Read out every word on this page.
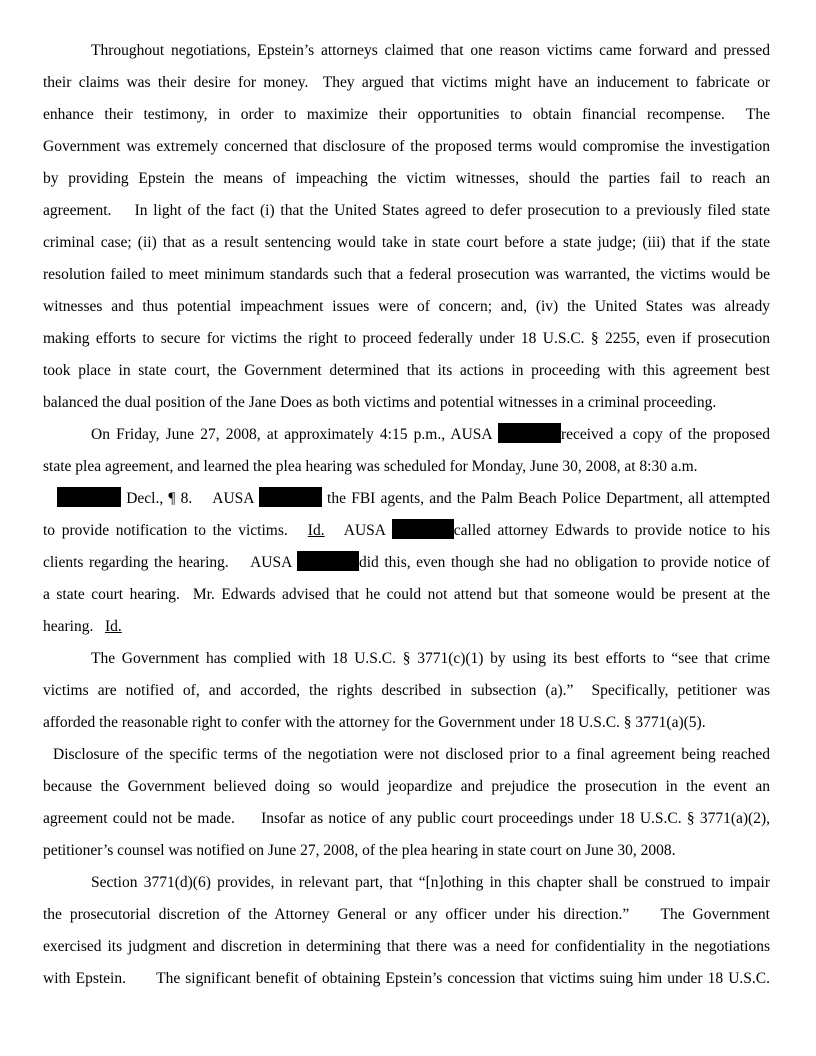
Throughout negotiations, Epstein’s attorneys claimed that one reason victims came forward and pressed
their claims was their desire for money.  They argued that victims might have an inducement to fabricate or
enhance their testimony, in order to maximize their opportunities to obtain financial recompense.  The
Government was extremely concerned that disclosure of the proposed terms would compromise the investigation
by providing Epstein the means of impeaching the victim witnesses, should the parties fail to reach an
agreement.    In light of the fact (i) that the United States agreed to defer prosecution to a previously filed state
criminal case; (ii) that as a result sentencing would take in state court before a state judge; (iii) that if the state
resolution failed to meet minimum standards such that a federal prosecution was warranted, the victims would be
witnesses and thus potential impeachment issues were of concern; and, (iv) the United States was already
making efforts to secure for victims the right to proceed federally under 18 U.S.C. § 2255, even if prosecution
took place in state court, the Government determined that its actions in proceeding with this agreement best
balanced the dual position of the Jane Does as both victims and potential witnesses in a criminal proceeding.
On Friday, June 27, 2008, at approximately 4:15 p.m., AUSA	received a copy of the proposed
state plea agreement, and learned the plea hearing was scheduled for Monday, June 30, 2008, at 8:30 a.m.
Decl., ¶ 8.    AUSA	the FBI agents, and the Palm Beach Police Department, all attempted
to provide notification to the victims.   Id.   AUSA	called attorney Edwards to provide notice to his
clients regarding the hearing.    AUSA	did this, even though she had no obligation to provide notice of
a state court hearing.  Mr. Edwards advised that he could not attend but that someone would be present at the
hearing.   Id.
The Government has complied with 18 U.S.C. § 3771(c)(1) by using its best efforts to “see that crime
victims are notified of, and accorded, the rights described in subsection (a).”  Specifically, petitioner was
afforded the reasonable right to confer with the attorney for the Government under 18 U.S.C. § 3771(a)(5).
Disclosure of the specific terms of the negotiation were not disclosed prior to a final agreement being reached
because the Government believed doing so would jeopardize and prejudice the prosecution in the event an
agreement could not be made.     Insofar as notice of any public court proceedings under 18 U.S.C. § 3771(a)(2),
petitioner’s counsel was notified on June 27, 2008, of the plea hearing in state court on June 30, 2008.
Section 3771(d)(6) provides, in relevant part, that “[n]othing in this chapter shall be construed to impair
the prosecutorial discretion of the Attorney General or any officer under his direction.”    The Government
exercised its judgment and discretion in determining that there was a need for confidentiality in the negotiations
with Epstein.      The significant benefit of obtaining Epstein’s concession that victims suing him under 18 U.S.C.
